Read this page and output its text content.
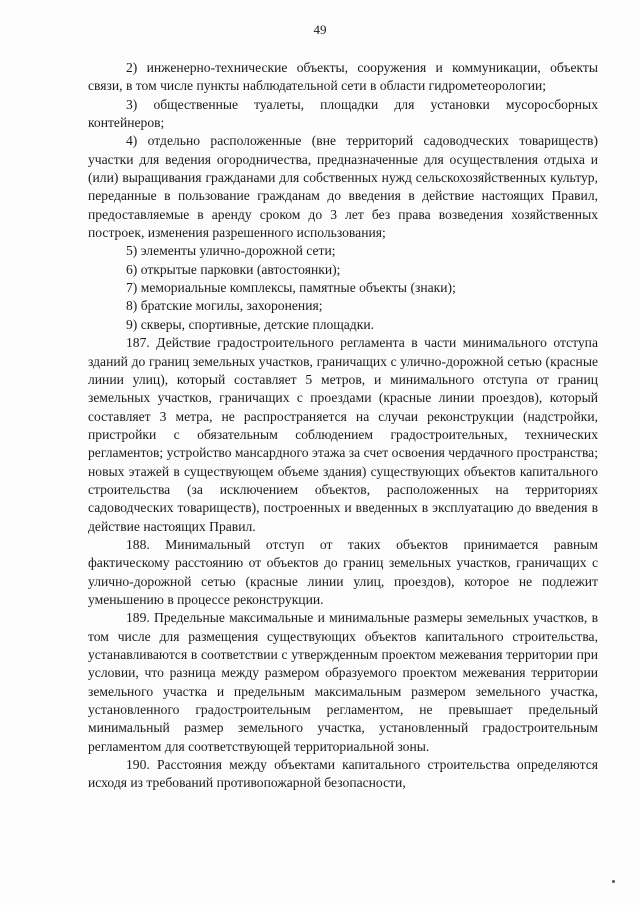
49

2) инженерно-технические объекты, сооружения и коммуникации, объекты связи, в том числе пункты наблюдательной сети в области гидрометеорологии;

3) общественные туалеты, площадки для установки мусоросборных контейнеров;

4) отдельно расположенные (вне территорий садоводческих товариществ) участки для ведения огородничества, предназначенные для осуществления отдыха и (или) выращивания гражданами для собственных нужд сельскохозяйственных культур, переданные в пользование гражданам до введения в действие настоящих Правил, предоставляемые в аренду сроком до 3 лет без права возведения хозяйственных построек, изменения разрешенного использования;

5) элементы улично-дорожной сети;

6) открытые парковки (автостоянки);

7) мемориальные комплексы, памятные объекты (знаки);

8) братские могилы, захоронения;

9) скверы, спортивные, детские площадки.

187. Действие градостроительного регламента в части минимального отступа зданий до границ земельных участков, граничащих с улично-дорожной сетью (красные линии улиц), который составляет 5 метров, и минимального отступа от границ земельных участков, граничащих с проездами (красные линии проездов), который составляет 3 метра, не распространяется на случаи реконструкции (надстройки, пристройки с обязательным соблюдением градостроительных, технических регламентов; устройство мансардного этажа за счет освоения чердачного пространства; новых этажей в существующем объеме здания) существующих объектов капитального строительства (за исключением объектов, расположенных на территориях садоводческих товариществ), построенных и введенных в эксплуатацию до введения в действие настоящих Правил.

188. Минимальный отступ от таких объектов принимается равным фактическому расстоянию от объектов до границ земельных участков, граничащих с улично-дорожной сетью (красные линии улиц, проездов), которое не подлежит уменьшению в процессе реконструкции.

189. Предельные максимальные и минимальные размеры земельных участков, в том числе для размещения существующих объектов капитального строительства, устанавливаются в соответствии с утвержденным проектом межевания территории при условии, что разница между размером образуемого проектом межевания территории земельного участка и предельным максимальным размером земельного участка, установленного градостроительным регламентом, не превышает предельный минимальный размер земельного участка, установленный градостроительным регламентом для соответствующей территориальной зоны.

190. Расстояния между объектами капитального строительства определяются исходя из требований противопожарной безопасности,
